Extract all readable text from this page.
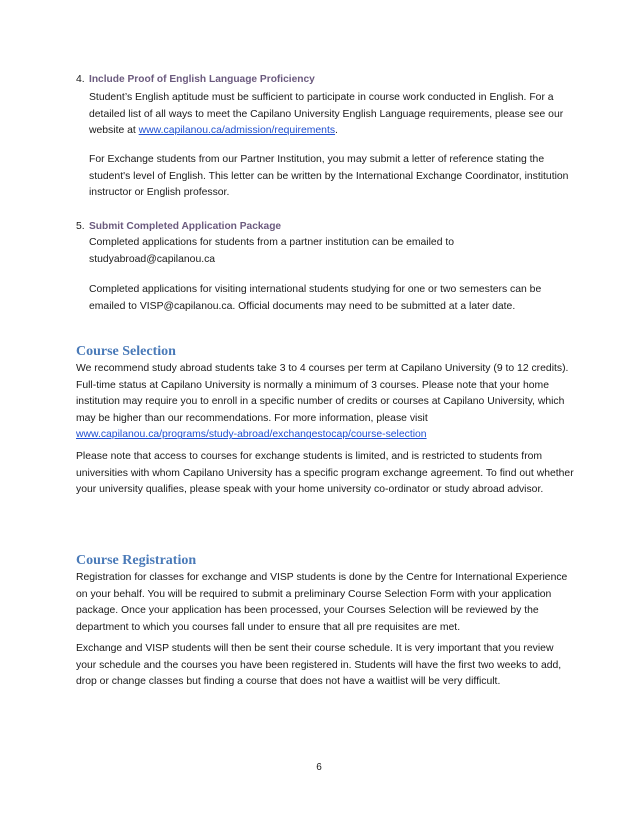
4. Include Proof of English Language Proficiency

Student’s English aptitude must be sufficient to participate in course work conducted in English. For a detailed list of all ways to meet the Capilano University English Language requirements, please see our website at www.capilanou.ca/admission/requirements.

For Exchange students from our Partner Institution, you may submit a letter of reference stating the student's level of English. This letter can be written by the International Exchange Coordinator, institution instructor or English professor.

5. Submit Completed Application Package

Completed applications for students from a partner institution can be emailed to studyabroad@capilanou.ca

Completed applications for visiting international students studying for one or two semesters can be emailed to VISP@capilanou.ca. Official documents may need to be submitted at a later date.

Course Selection

We recommend study abroad students take 3 to 4 courses per term at Capilano University (9 to 12 credits). Full-time status at Capilano University is normally a minimum of 3 courses. Please note that your home institution may require you to enroll in a specific number of credits or courses at Capilano University, which may be higher than our recommendations. For more information, please visit
www.capilanou.ca/programs/study-abroad/exchangestocap/course-selection

Please note that access to courses for exchange students is limited, and is restricted to students from universities with whom Capilano University has a specific program exchange agreement. To find out whether your university qualifies, please speak with your home university co-ordinator or study abroad advisor.

Course Registration

Registration for classes for exchange and VISP students is done by the Centre for International Experience on your behalf. You will be required to submit a preliminary Course Selection Form with your application package. Once your application has been processed, your Courses Selection will be reviewed by the department to which you courses fall under to ensure that all pre requisites are met.

Exchange and VISP students will then be sent their course schedule. It is very important that you review your schedule and the courses you have been registered in. Students will have the first two weeks to add, drop or change classes but finding a course that does not have a waitlist will be very difficult.

6
